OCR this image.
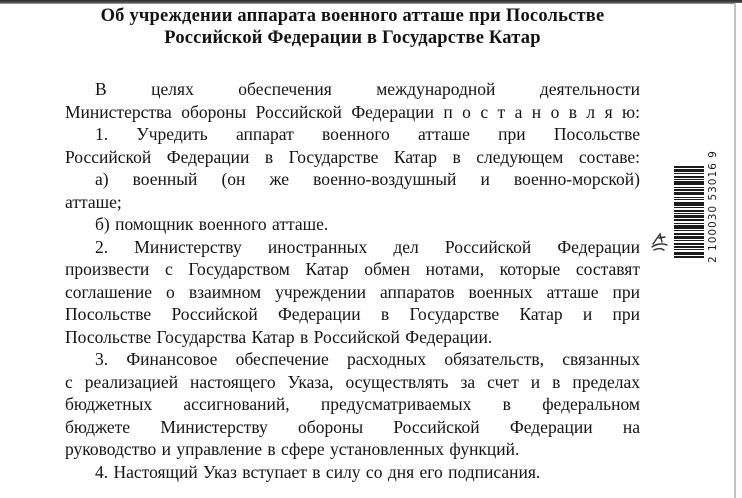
Об учреждении аппарата военного атташе при Посольстве
Российской Федерации в Государстве Катар
В целях обеспечения международной деятельности
Министерства обороны Российской Федерации п о с т а н о в л я ю:
1. Учредить аппарат военного атташе при Посольстве
Российской Федерации в Государстве Катар в следующем составе:
а) военный (он же военно-воздушный и военно-морской)
атташе;
б) помощник военного атташе.
2. Министерству иностранных дел Российской Федерации
произвести с Государством Катар обмен нотами, которые составят
соглашение о взаимном учреждении аппаратов военных атташе при
Посольстве Российской Федерации в Государстве Катар и при
Посольстве Государства Катар в Российской Федерации.
3. Финансовое обеспечение расходных обязательств, связанных
с реализацией настоящего Указа, осуществлять за счет и в пределах
бюджетных ассигнований, предусматриваемых в федеральном
бюджете Министерству обороны Российской Федерации на
руководство и управление в сфере установленных функций.
4. Настоящий Указ вступает в силу со дня его подписания.
2 100030 53016 9
